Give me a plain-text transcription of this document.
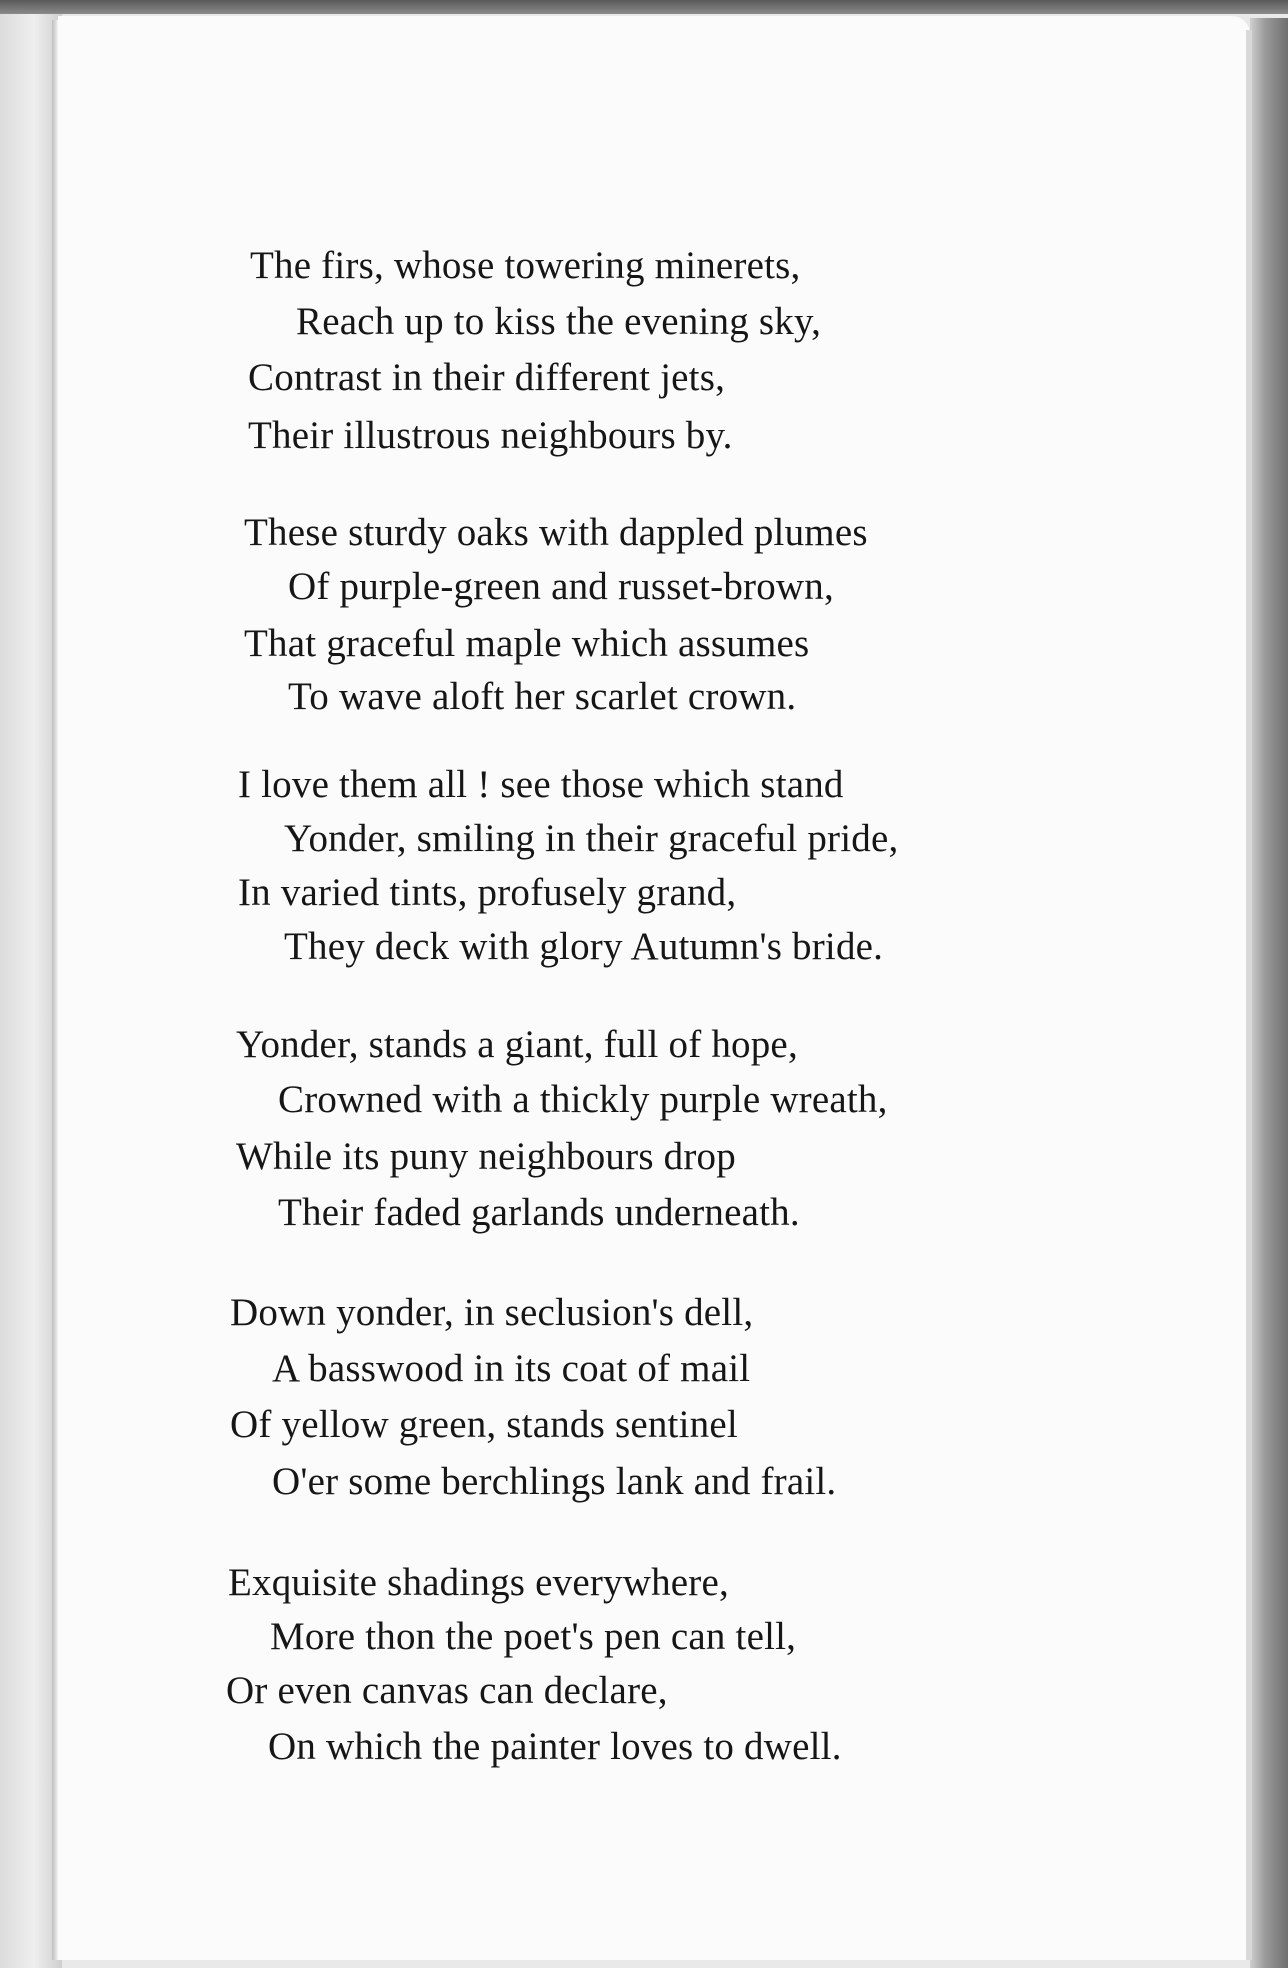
The firs, whose towering minerets,
Reach up to kiss the evening sky,
Contrast in their different jets,
Their illustrous neighbours by.
These sturdy oaks with dappled plumes
Of purple-green and russet-brown,
That graceful maple which assumes
To wave aloft her scarlet crown.
I love them all ! see those which stand
Yonder, smiling in their graceful pride,
In varied tints, profusely grand,
They deck with glory Autumn's bride.
Yonder, stands a giant, full of hope,
Crowned with a thickly purple wreath,
While its puny neighbours drop
Their faded garlands underneath.
Down yonder, in seclusion's dell,
A basswood in its coat of mail
Of yellow green, stands sentinel
O'er some berchlings lank and frail.
Exquisite shadings everywhere,
More thon the poet's pen can tell,
Or even canvas can declare,
On which the painter loves to dwell.
